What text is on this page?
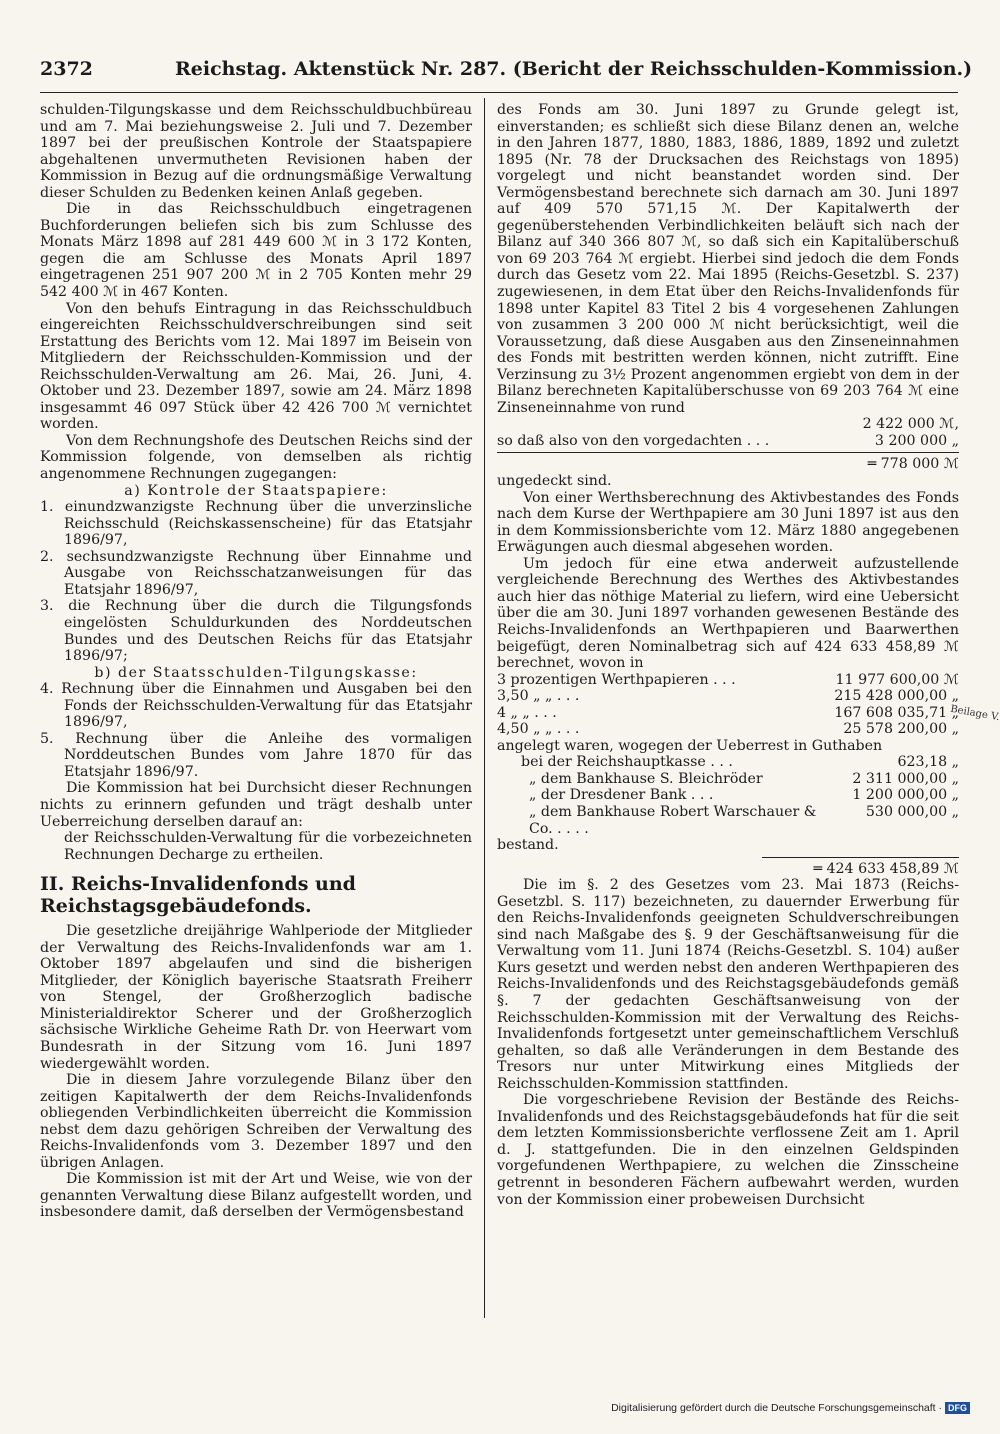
2372	Reichstag. Aktenstück Nr. 287. (Bericht der Reichsschulden-Kommission.)

schulden-Tilgungskasse und dem Reichsschuldbuchbüreau und am 7. Mai beziehungsweise 2. Juli und 7. Dezember 1897 bei der preußischen Kontrole der Staatspapiere abgehaltenen unvermutheten Revisionen haben der Kommission in Bezug auf die ordnungsmäßige Verwaltung dieser Schulden zu Bedenken keinen Anlaß gegeben.

Die in das Reichsschuldbuch eingetragenen Buchforderungen beliefen sich bis zum Schlusse des Monats März 1898 auf 281 449 600 ℳ in 3 172 Konten, gegen die am Schlusse des Monats April 1897 eingetragenen 251 907 200 ℳ in 2 705 Konten mehr 29 542 400 ℳ in 467 Konten.

Von den behufs Eintragung in das Reichsschuldbuch eingereichten Reichsschuldverschreibungen sind seit Erstattung des Berichts vom 12. Mai 1897 im Beisein von Mitgliedern der Reichsschulden-Kommission und der Reichsschulden-Verwaltung am 26. Mai, 26. Juni, 4. Oktober und 23. Dezember 1897, sowie am 24. März 1898 insgesammt 46 097 Stück über 42 426 700 ℳ vernichtet worden.

Von dem Rechnungshofe des Deutschen Reichs sind der Kommission folgende, von demselben als richtig angenommene Rechnungen zugegangen:

a) Kontrole der Staatspapiere:

1. einundzwanzigste Rechnung über die unverzinsliche Reichsschuld (Reichskassenscheine) für das Etatsjahr 1896/97,

2. sechsundzwanzigste Rechnung über Einnahme und Ausgabe von Reichsschatzanweisungen für das Etatsjahr 1896/97,

3. die Rechnung über die durch die Tilgungsfonds eingelösten Schuldurkunden des Norddeutschen Bundes und des Deutschen Reichs für das Etatsjahr 1896/97;

b) der Staatsschulden-Tilgungskasse:

4. Rechnung über die Einnahmen und Ausgaben bei den Fonds der Reichsschulden-Verwaltung für das Etatsjahr 1896/97,

5. Rechnung über die Anleihe des vormaligen Norddeutschen Bundes vom Jahre 1870 für das Etatsjahr 1896/97.

Die Kommission hat bei Durchsicht dieser Rechnungen nichts zu erinnern gefunden und trägt deshalb unter Ueberreichung derselben darauf an:

der Reichsschulden-Verwaltung für die vorbezeichneten Rechnungen Decharge zu ertheilen.

II. Reichs-Invalidenfonds und Reichstagsgebäudefonds.

Die gesetzliche dreijährige Wahlperiode der Mitglieder der Verwaltung des Reichs-Invalidenfonds war am 1. Oktober 1897 abgelaufen und sind die bisherigen Mitglieder, der Königlich bayerische Staatsrath Freiherr von Stengel, der Großherzoglich badische Ministerialdirektor Scherer und der Großherzoglich sächsische Wirkliche Geheime Rath Dr. von Heerwart vom Bundesrath in der Sitzung vom 16. Juni 1897 wiedergewählt worden.

Die in diesem Jahre vorzulegende Bilanz über den zeitigen Kapitalwerth der dem Reichs-Invalidenfonds obliegenden Verbindlichkeiten überreicht die Kommission nebst dem dazu gehörigen Schreiben der Verwaltung des Reichs-Invalidenfonds vom 3. Dezember 1897 und den übrigen Anlagen.

Die Kommission ist mit der Art und Weise, wie von der genannten Verwaltung diese Bilanz aufgestellt worden, und insbesondere damit, daß derselben der Vermögensbestand

des Fonds am 30. Juni 1897 zu Grunde gelegt ist, einverstanden; es schließt sich diese Bilanz denen an, welche in den Jahren 1877, 1880, 1883, 1886, 1889, 1892 und zuletzt 1895 (Nr. 78 der Drucksachen des Reichstags von 1895) vorgelegt und nicht beanstandet worden sind. Der Vermögensbestand berechnete sich darnach am 30. Juni 1897 auf 409 570 571,15 ℳ. Der Kapitalwerth der gegenüberstehenden Verbindlichkeiten beläuft sich nach der Bilanz auf 340 366 807 ℳ, so daß sich ein Kapitalüberschuß von 69 203 764 ℳ ergiebt. Hierbei sind jedoch die dem Fonds durch das Gesetz vom 22. Mai 1895 (Reichs-Gesetzbl. S. 237) zugewiesenen, in dem Etat über den Reichs-Invalidenfonds für 1898 unter Kapitel 83 Titel 2 bis 4 vorgesehenen Zahlungen von zusammen 3 200 000 ℳ nicht berücksichtigt, weil die Voraussetzung, daß diese Ausgaben aus den Zinseneinnahmen des Fonds mit bestritten werden können, nicht zutrifft. Eine Verzinsung zu 3½ Prozent angenommen ergiebt von dem in der Bilanz berechneten Kapitalüberschusse von 69 203 764 ℳ eine Zinseneinnahme von rund

2 422 000 ℳ,

so daß also von den vorgedachten . . .	3 200 000 „

═ 778 000 ℳ

ungedeckt sind.

Von einer Werthsberechnung des Aktivbestandes des Fonds nach dem Kurse der Werthpapiere am 30 Juni 1897 ist aus den in dem Kommissionsberichte vom 12. März 1880 angegebenen Erwägungen auch diesmal abgesehen worden.

Um jedoch für eine etwa anderweit aufzustellende vergleichende Berechnung des Werthes des Aktivbestandes auch hier das nöthige Material zu liefern, wird eine Uebersicht über die am 30. Juni 1897 vorhanden gewesenen Bestände des Reichs-Invalidenfonds an Werthpapieren und Baarwerthen beigefügt, deren Nominalbetrag sich auf 424 633 458,89 ℳ berechnet, wovon in

3 prozentigen Werthpapieren . . .	11 977 600,00 ℳ
3,50 „ „ . . .	215 428 000,00 „
4 „ „ . . .	167 608 035,71 „
4,50 „ „ . . .	25 578 200,00 „
angelegt waren, wogegen der Ueberrest in Guthaben	
bei der Reichshauptkasse . . .	623,18 „
„ dem Bankhause S. Bleichröder	2 311 000,00 „
„ der Dresdener Bank . . .	1 200 000,00 „
„ dem Bankhause Robert Warschauer & Co. . . . .	530 000,00 „
bestand.	

═ 424 633 458,89 ℳ

Die im §. 2 des Gesetzes vom 23. Mai 1873 (Reichs-Gesetzbl. S. 117) bezeichneten, zu dauernder Erwerbung für den Reichs-Invalidenfonds geeigneten Schuldverschreibungen sind nach Maßgabe des §. 9 der Geschäftsanweisung für die Verwaltung vom 11. Juni 1874 (Reichs-Gesetzbl. S. 104) außer Kurs gesetzt und werden nebst den anderen Werthpapieren des Reichs-Invalidenfonds und des Reichstagsgebäudefonds gemäß §. 7 der gedachten Geschäftsanweisung von der Reichsschulden-Kommission mit der Verwaltung des Reichs-Invalidenfonds fortgesetzt unter gemeinschaftlichem Verschluß gehalten, so daß alle Veränderungen in dem Bestande des Tresors nur unter Mitwirkung eines Mitglieds der Reichsschulden-Kommission stattfinden.

Die vorgeschriebene Revision der Bestände des Reichs-Invalidenfonds und des Reichstagsgebäudefonds hat für die seit dem letzten Kommissionsberichte verflossene Zeit am 1. April d. J. stattgefunden. Die in den einzelnen Geldspinden vorgefundenen Werthpapiere, zu welchen die Zinsscheine getrennt in besonderen Fächern aufbewahrt werden, wurden von der Kommission einer probeweisen Durchsicht

Beilage V.
Digitalisierung gefördert durch die Deutsche Forschungsgemeinschaft · DFG
